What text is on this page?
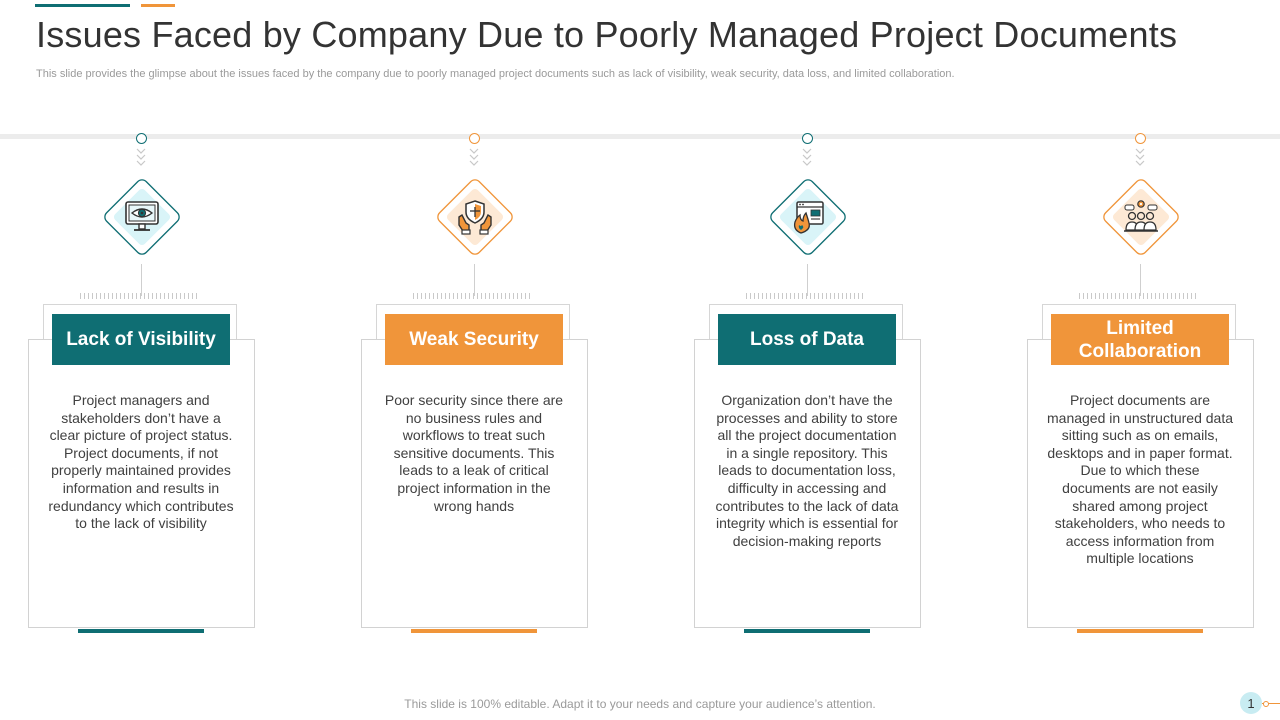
Issues Faced by Company Due to Poorly Managed Project Documents

This slide provides the glimpse about the issues faced by the company due to poorly managed project documents such as lack of visibility, weak security, data loss, and limited collaboration.

Lack of Visibility

Project managers and stakeholders don’t have a clear picture of project status. Project documents, if not properly maintained provides information and results in redundancy which contributes to the lack of visibility

Weak Security

Poor security since there are no business rules and workflows to treat such sensitive documents. This leads to a leak of critical project information in the wrong hands

Loss of Data

Organization don’t have the processes and ability to store all the project documentation in a single repository. This leads to documentation loss, difficulty in accessing and contributes to the lack of data integrity which is essential for decision-making reports

Limited Collaboration

Project documents are managed in unstructured data sitting such as on emails, desktops and in paper format. Due to which these documents are not easily shared among project stakeholders, who needs to access information from multiple locations

This slide is 100% editable. Adapt it to your needs and capture your audience’s attention.	1
